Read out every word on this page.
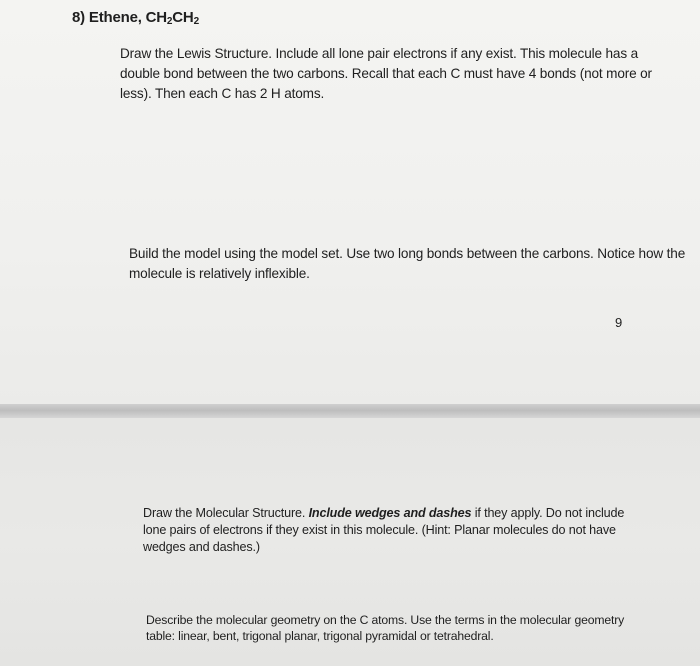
8) Ethene, $CH_2CH_2$

Draw the Lewis Structure. Include all lone pair electrons if any exist. This molecule has a double bond between the two carbons. Recall that each C must have 4 bonds (not more or less). Then each C has 2 H atoms.

Build the model using the model set. Use two long bonds between the carbons. Notice how the molecule is relatively inflexible.

9

Draw the Molecular Structure. Include wedges and dashes if they apply. Do not include lone pairs of electrons if they exist in this molecule. (Hint: Planar molecules do not have wedges and dashes.)

Describe the molecular geometry on the C atoms. Use the terms in the molecular geometry table: linear, bent, trigonal planar, trigonal pyramidal or tetrahedral.
